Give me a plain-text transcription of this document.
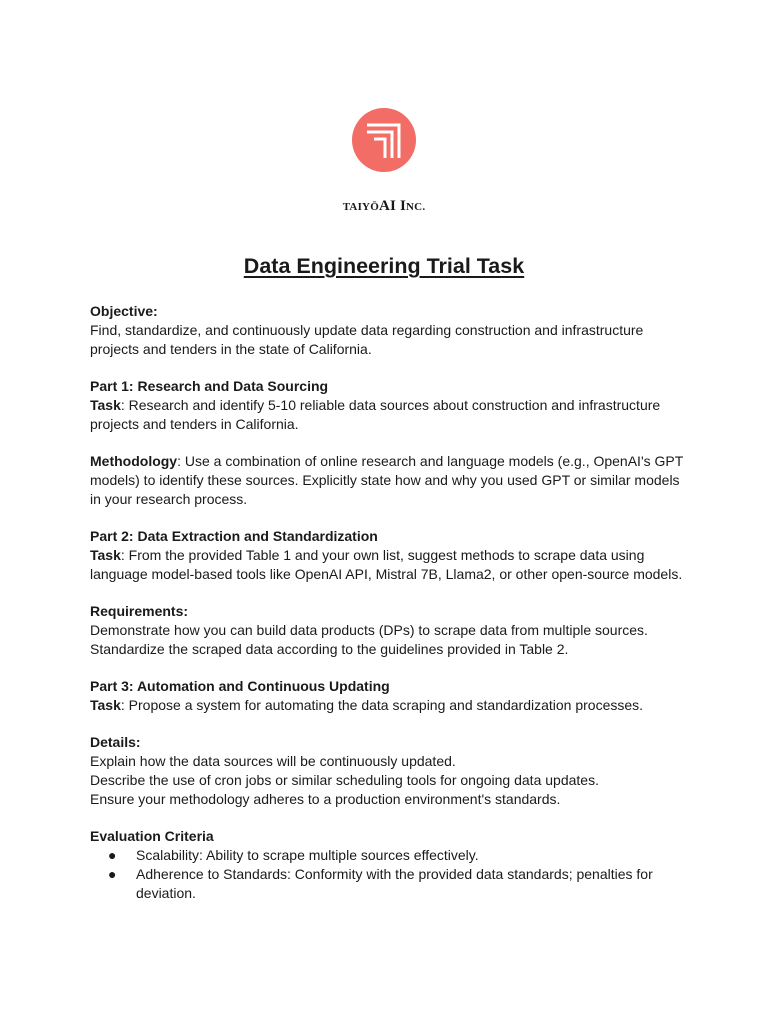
TAIYŌAI INC.
Data Engineering Trial Task
Objective:
Find, standardize, and continuously update data regarding construction and infrastructure
projects and tenders in the state of California.
Part 1: Research and Data Sourcing
Task: Research and identify 5-10 reliable data sources about construction and infrastructure
projects and tenders in California.
Methodology: Use a combination of online research and language models (e.g., OpenAI's GPT
models) to identify these sources. Explicitly state how and why you used GPT or similar models
in your research process.
Part 2: Data Extraction and Standardization
Task: From the provided Table 1 and your own list, suggest methods to scrape data using
language model-based tools like OpenAI API, Mistral 7B, Llama2, or other open-source models.
Requirements:
Demonstrate how you can build data products (DPs) to scrape data from multiple sources.
Standardize the scraped data according to the guidelines provided in Table 2.
Part 3: Automation and Continuous Updating
Task: Propose a system for automating the data scraping and standardization processes.
Details:
Explain how the data sources will be continuously updated.
Describe the use of cron jobs or similar scheduling tools for ongoing data updates.
Ensure your methodology adheres to a production environment's standards.
Evaluation Criteria
● Scalability: Ability to scrape multiple sources effectively.
● Adherence to Standards: Conformity with the provided data standards; penalties for
deviation.
